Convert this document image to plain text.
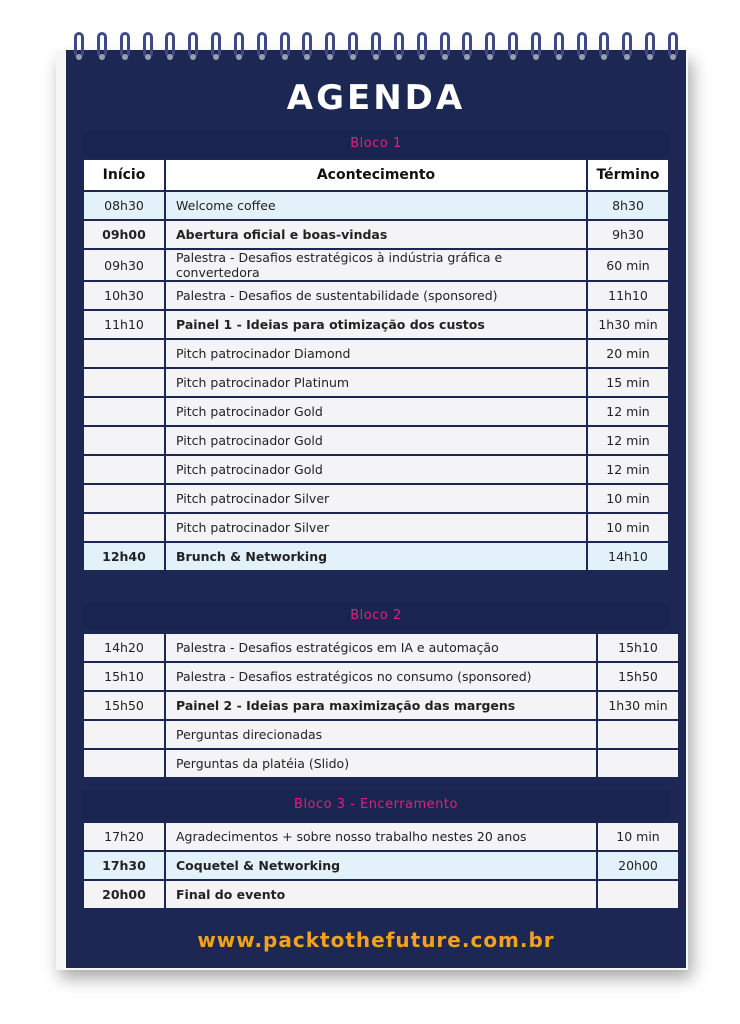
AGENDA
Bloco 1
Início	Acontecimento	Término
08h30	Welcome coffee	8h30
09h00	Abertura oficial e boas-vindas	9h30
09h30	Palestra - Desafios estratégicos à indústria gráfica e convertedora	60 min
10h30	Palestra - Desafios de sustentabilidade (sponsored)	11h10
11h10	Painel 1 - Ideias para otimização dos custos	1h30 min
	Pitch patrocinador Diamond	20 min
	Pitch patrocinador Platinum	15 min
	Pitch patrocinador Gold	12 min
	Pitch patrocinador Gold	12 min
	Pitch patrocinador Gold	12 min
	Pitch patrocinador Silver	10 min
	Pitch patrocinador Silver	10 min
12h40	Brunch & Networking	14h10
Bloco 2
14h20	Palestra - Desafios estratégicos em IA e automação	15h10
15h10	Palestra - Desafios estratégicos no consumo (sponsored)	15h50
15h50	Painel 2 - Ideias para maximização das margens	1h30 min
	Perguntas direcionadas	
	Perguntas da platéia (Slido)	
Bloco 3 - Encerramento
17h20	Agradecimentos + sobre nosso trabalho nestes 20 anos	10 min
17h30	Coquetel & Networking	20h00
20h00	Final do evento	
www.packtothefuture.com.br
